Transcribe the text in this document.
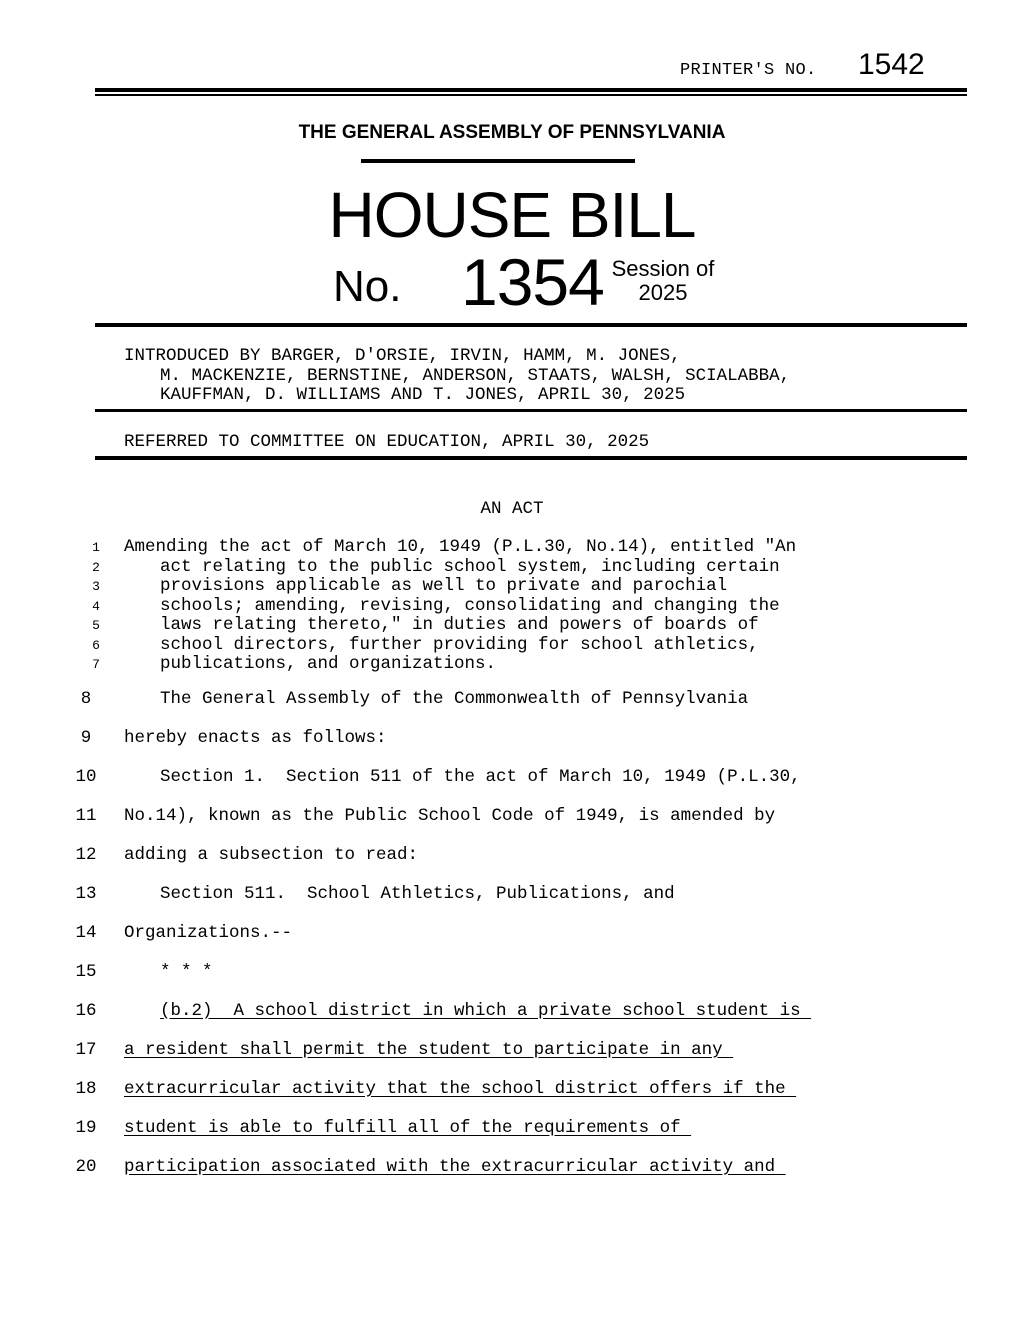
PRINTER'S NO. 1542
THE GENERAL ASSEMBLY OF PENNSYLVANIA
HOUSE BILL
No. 1354 Session of
2025
INTRODUCED BY BARGER, D'ORSIE, IRVIN, HAMM, M. JONES,
M. MACKENZIE, BERNSTINE, ANDERSON, STAATS, WALSH, SCIALABBA,
KAUFFMAN, D. WILLIAMS AND T. JONES, APRIL 30, 2025
REFERRED TO COMMITTEE ON EDUCATION, APRIL 30, 2025
AN ACT
1 Amending the act of March 10, 1949 (P.L.30, No.14), entitled "An
2	act relating to the public school system, including certain
3	provisions applicable as well to private and parochial
4	schools; amending, revising, consolidating and changing the
5	laws relating thereto," in duties and powers of boards of
6	school directors, further providing for school athletics,
7	publications, and organizations.
8	The General Assembly of the Commonwealth of Pennsylvania
9	hereby enacts as follows:
10	Section 1.  Section 511 of the act of March 10, 1949 (P.L.30,
11	No.14), known as the Public School Code of 1949, is amended by
12	adding a subsection to read:
13	Section 511.  School Athletics, Publications, and
14	Organizations.--
15	* * *
16	(b.2)  A school district in which a private school student is
17	a resident shall permit the student to participate in any
18	extracurricular activity that the school district offers if the
19	student is able to fulfill all of the requirements of
20	participation associated with the extracurricular activity and
